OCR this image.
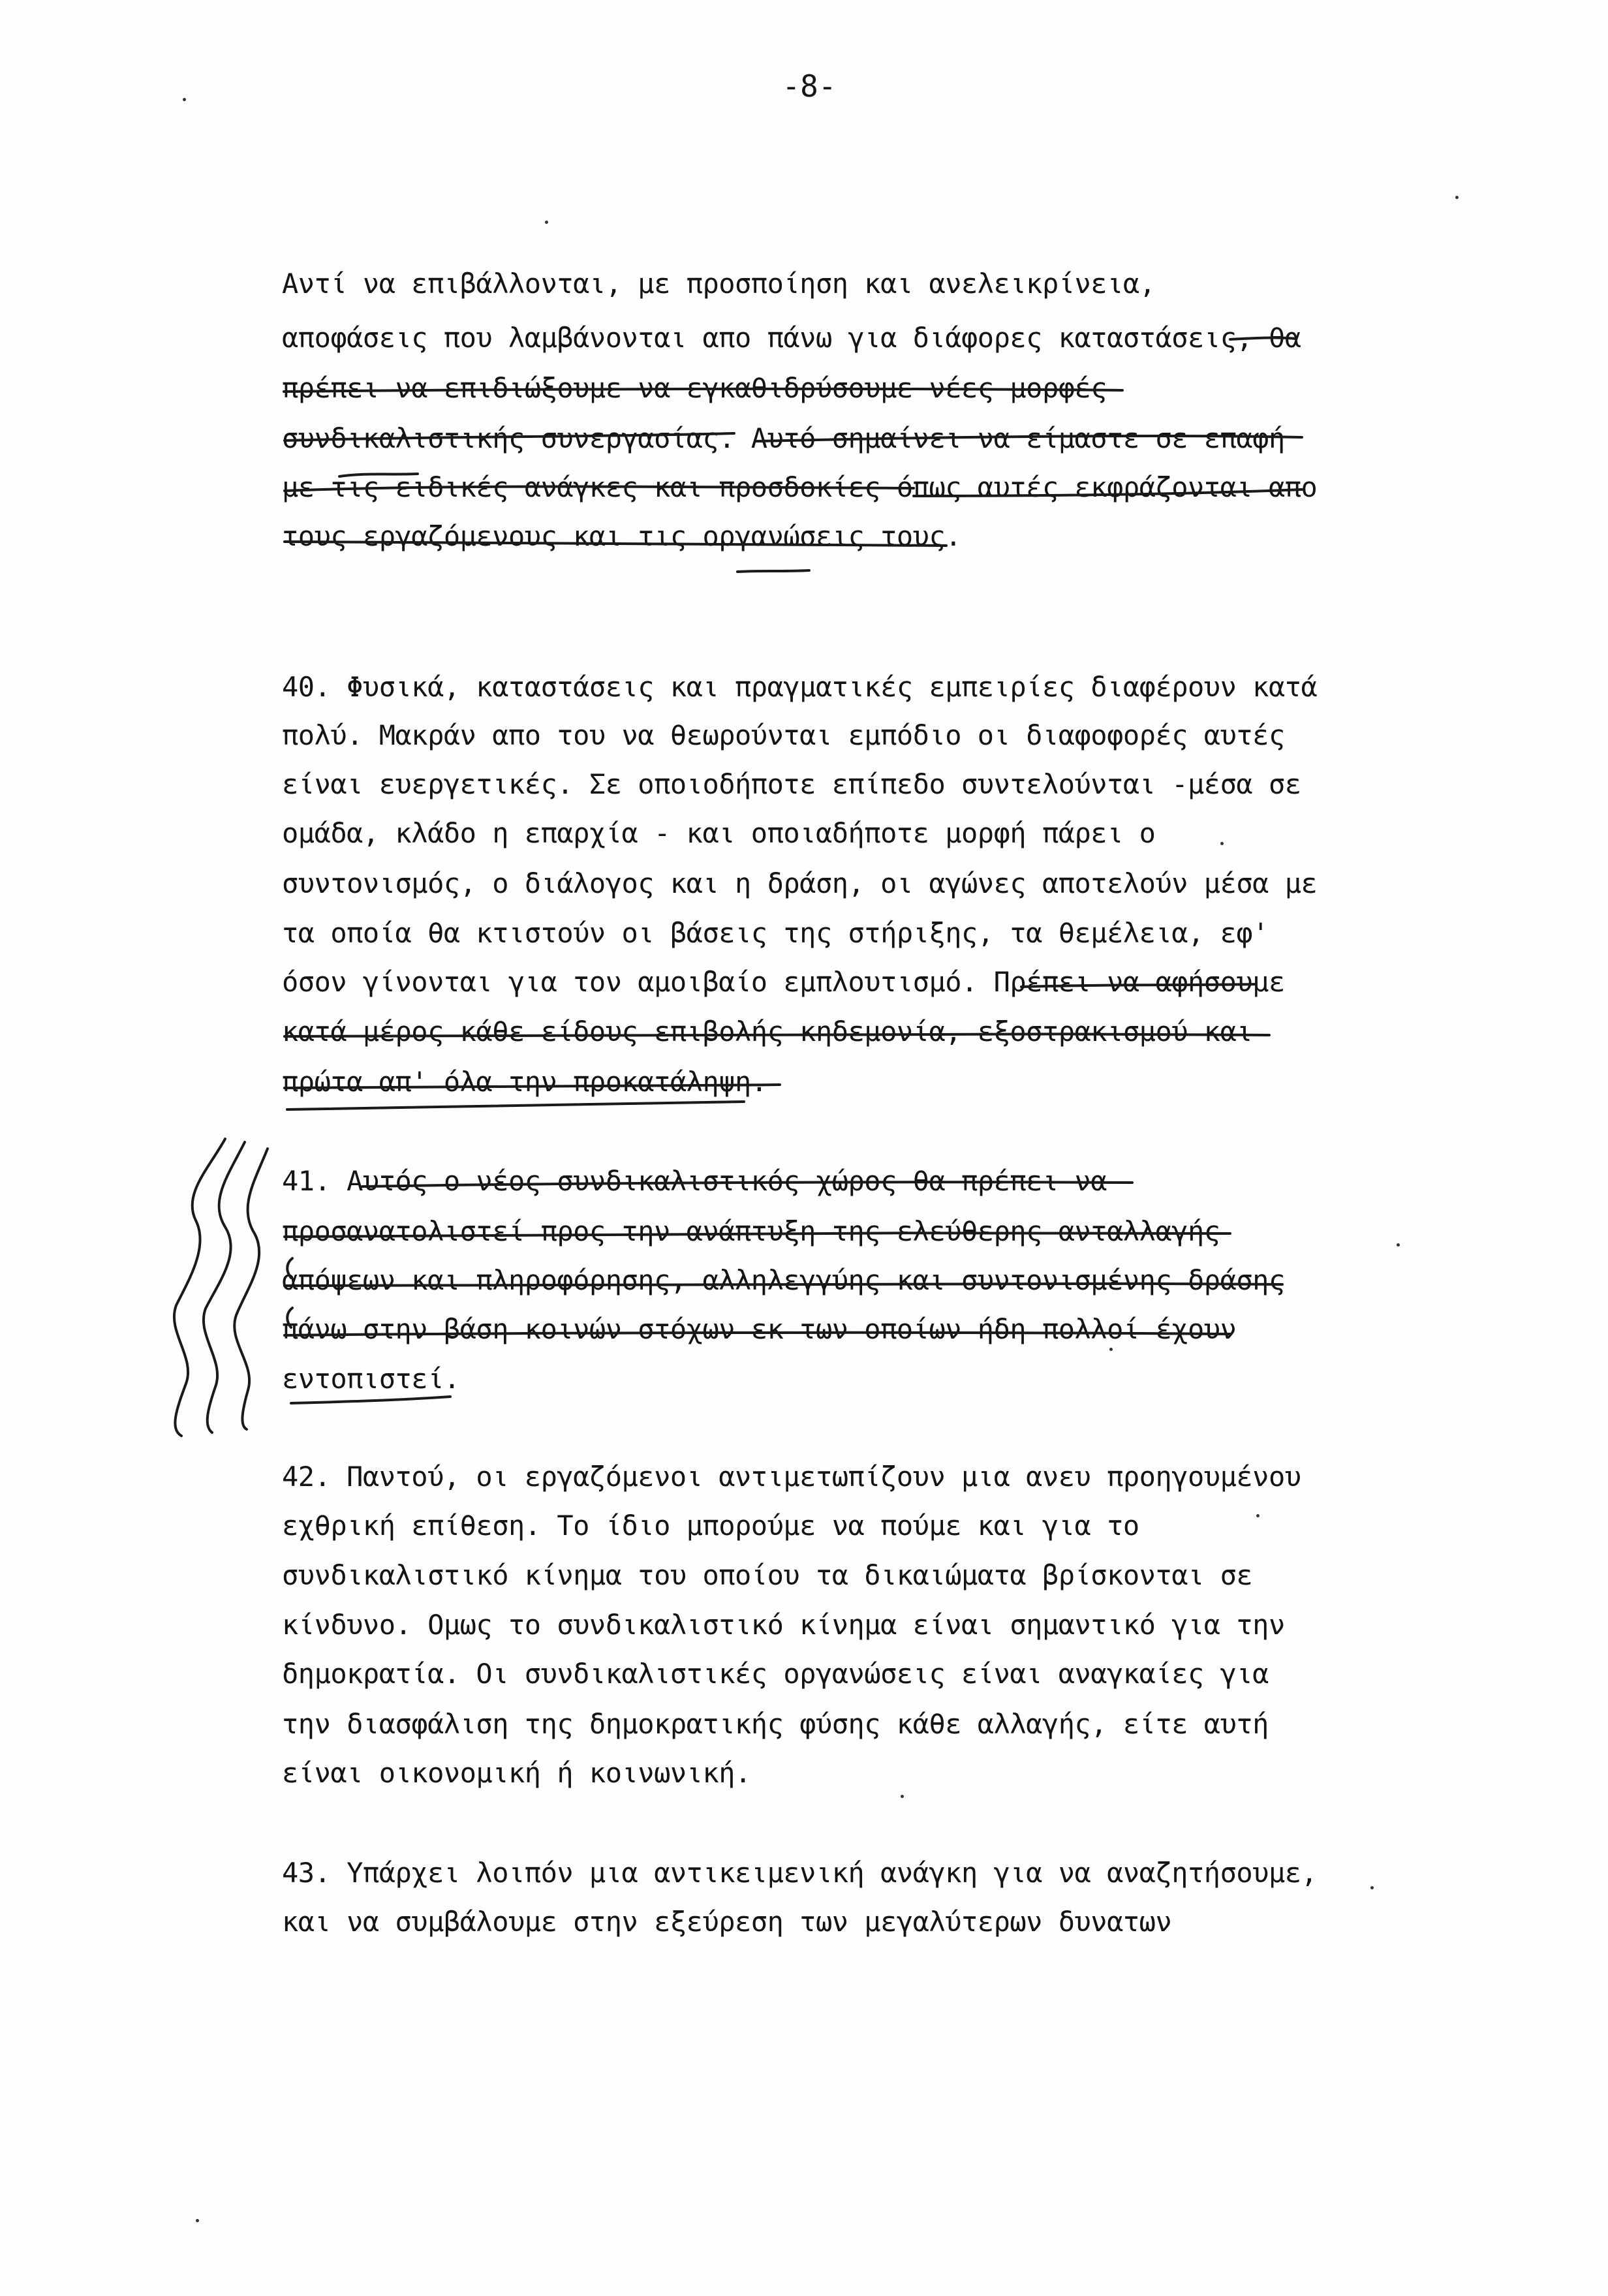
-8-
Αντί να επιβάλλονται, με προσποίηση και ανελεικρίνεια,
αποφάσεις που λαμβάνονται απο πάνω για διάφορες καταστάσεις, θα
πρέπει να επιδιώξουμε να εγκαθιδρύσουμε νέες μορφές
συνδικαλιστικής συνεργασίας. Αυτό σημαίνει να είμαστε σε επαφή
με τις ειδικές ανάγκες και προσδοκίες όπως αυτές εκφράζονται απο
τους εργαζόμενους και τις οργανώσεις τους.
40. Φυσικά, καταστάσεις και πραγματικές εμπειρίες διαφέρουν κατά
πολύ. Μακράν απο του να θεωρούνται εμπόδιο οι διαφοφορές αυτές
είναι ευεργετικές. Σε οποιοδήποτε επίπεδο συντελούνται -μέσα σε
ομάδα, κλάδο η επαρχία - και οποιαδήποτε μορφή πάρει ο
συντονισμός, ο διάλογος και η δράση, οι αγώνες αποτελούν μέσα με
τα οποία θα κτιστούν οι βάσεις της στήριξης, τα θεμέλεια, εφ'
όσον γίνονται για τον αμοιβαίο εμπλουτισμό. Πρέπει να αφήσουμε
κατά μέρος κάθε είδους επιβολής κηδεμονία, εξοστρακισμού και
πρώτα απ' όλα την προκατάληψη.
41. Αυτός ο νέος συνδικαλιστικός χώρος θα πρέπει να
προσανατολιστεί προς την ανάπτυξη της ελεύθερης ανταλλαγής
απόψεων και πληροφόρησης, αλληλεγγύης και συντονισμένης δράσης
πάνω στην βάση κοινών στόχων εκ των οποίων ήδη πολλοί έχουν
εντοπιστεί.
42. Παντού, οι εργαζόμενοι αντιμετωπίζουν μια ανευ προηγουμένου
εχθρική επίθεση. Το ίδιο μπορούμε να πούμε και για το
συνδικαλιστικό κίνημα του οποίου τα δικαιώματα βρίσκονται σε
κίνδυνο. Ομως το συνδικαλιστικό κίνημα είναι σημαντικό για την
δημοκρατία. Οι συνδικαλιστικές οργανώσεις είναι αναγκαίες για
την διασφάλιση της δημοκρατικής φύσης κάθε αλλαγής, είτε αυτή
είναι οικονομική ή κοινωνική.
43. Υπάρχει λοιπόν μια αντικειμενική ανάγκη για να αναζητήσουμε,
και να συμβάλουμε στην εξεύρεση των μεγαλύτερων δυνατων
